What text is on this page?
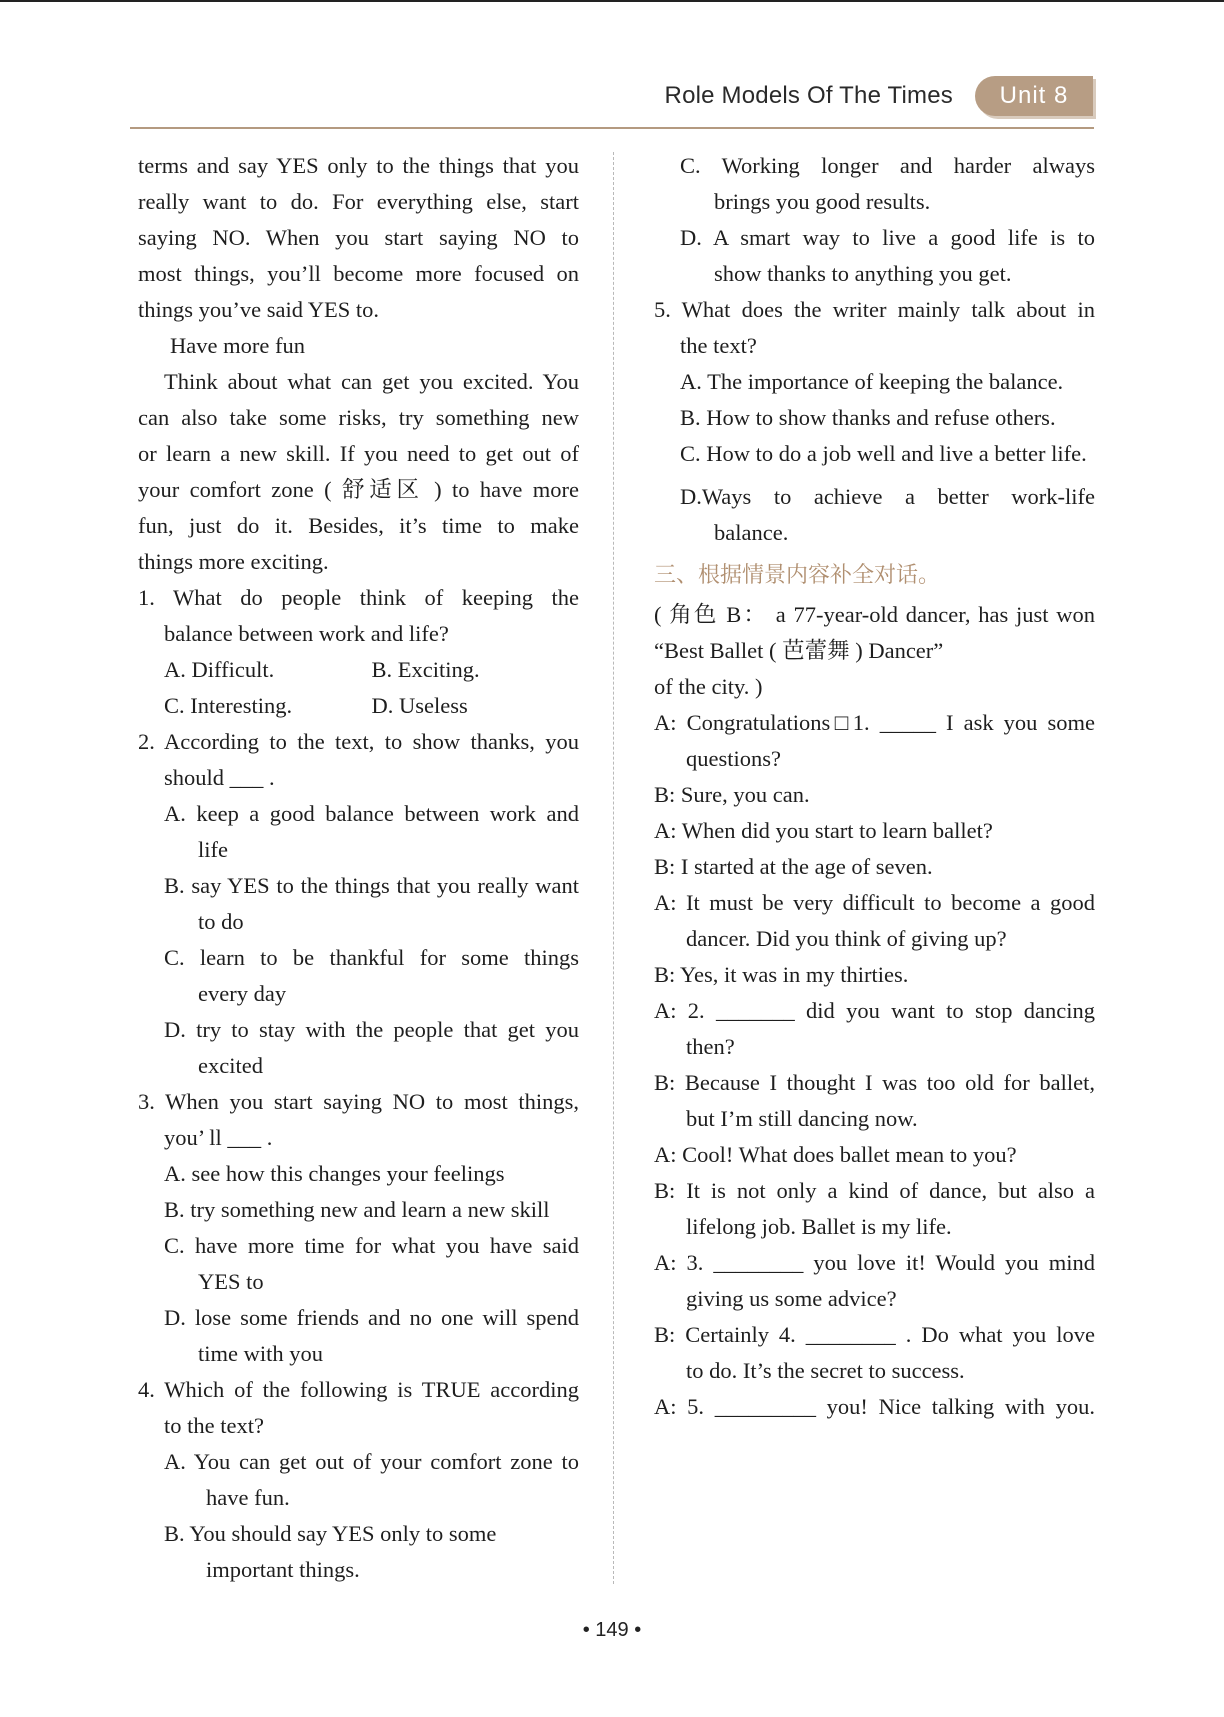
Role Models Of The Times	Unit 8
terms and say YES only to the things that you
really want to do. For everything else, start
saying NO. When you start saying NO to
most things, you’ll become more focused on
things you’ve said YES to.
Have more fun
Think about what can get you excited. You
can also take some risks, try something new
or learn a new skill. If you need to get out of
your comfort zone ( 舒适区 ) to have more
fun, just do it. Besides, it’s time to make
things more exciting.
1. What do people think of keeping the
balance between work and life?
A. Difficult.	B. Exciting.
C. Interesting.	D. Useless
2. According to the text, to show thanks, you
should ___ .
A. keep a good balance between work and
life
B. say YES to the things that you really want
to do
C. learn to be thankful for some things
every day
D. try to stay with the people that get you
excited
3. When you start saying NO to most things,
you’ ll ___ .
A. see how this changes your feelings
B. try something new and learn a new skill
C. have more time for what you have said
YES to
D. lose some friends and no one will spend
time with you
4. Which of the following is TRUE according
to the text?
A. You can get out of your comfort zone to
have fun.
B. You should say YES only to some
important things.
C. Working longer and harder always
brings you good results.
D. A smart way to live a good life is to
show thanks to anything you get.
5. What does the writer mainly talk about in
the text?
A. The importance of keeping the balance.
B. How to show thanks and refuse others.
C. How to do a job well and live a better life.
D.Ways to achieve a better work-life
balance.
三、根据情景内容补全对话。
( 角色 B： a 77-year-old dancer, has just won
“Best Ballet ( 芭蕾舞 ) Dancer”
of the city. )
A: Congratulations□1. _____ I ask you some
questions?
B: Sure, you can.
A: When did you start to learn ballet?
B: I started at the age of seven.
A: It must be very difficult to become a good
dancer. Did you think of giving up?
B: Yes, it was in my thirties.
A: 2. _______ did you want to stop dancing
then?
B: Because I thought I was too old for ballet,
but I’m still dancing now.
A: Cool! What does ballet mean to you?
B: It is not only a kind of dance, but also a
lifelong job. Ballet is my life.
A: 3. ________ you love it! Would you mind
giving us some advice?
B: Certainly 4. ________ . Do what you love
to do. It’s the secret to success.
A: 5. _________ you! Nice talking with you.
• 149 •
